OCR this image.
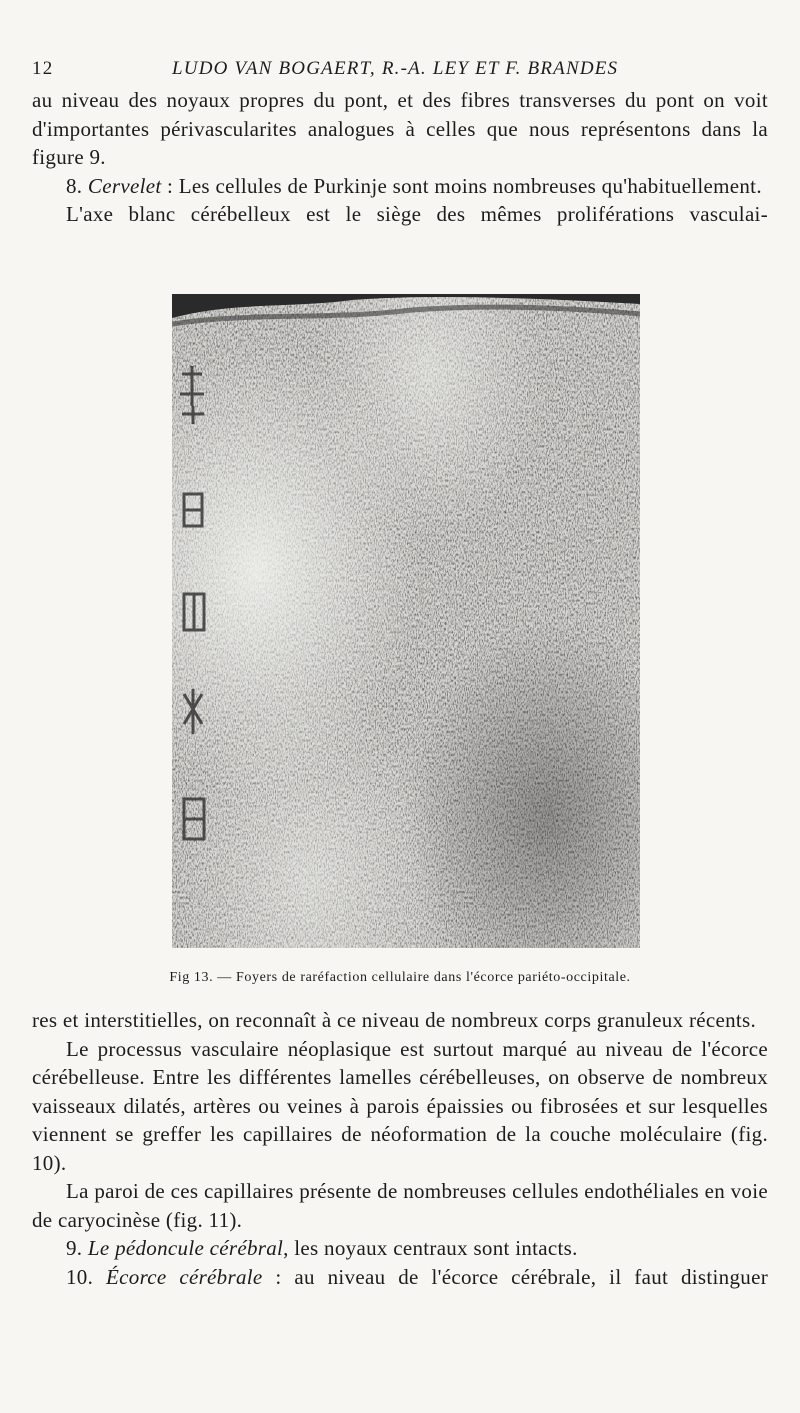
12	LUDO VAN BOGAERT, R.-A. LEY ET F. BRANDES

au niveau des noyaux propres du pont, et des fibres transverses du pont on voit d'importantes périvascularites analogues à celles que nous représentons dans la figure 9.

8. Cervelet : Les cellules de Purkinje sont moins nombreuses qu'habituellement.

L'axe blanc cérébelleux est le siège des mêmes proliférations vasculai-

Fig 13. — Foyers de raréfaction cellulaire dans l'écorce pariéto-occipitale.

res et interstitielles, on reconnaît à ce niveau de nombreux corps granuleux récents.

Le processus vasculaire néoplasique est surtout marqué au niveau de l'écorce cérébelleuse. Entre les différentes lamelles cérébelleuses, on observe de nombreux vaisseaux dilatés, artères ou veines à parois épaissies ou fibrosées et sur lesquelles viennent se greffer les capillaires de néoformation de la couche moléculaire (fig. 10).

La paroi de ces capillaires présente de nombreuses cellules endothéliales en voie de caryocinèse (fig. 11).

9. Le pédoncule cérébral, les noyaux centraux sont intacts.

10. Écorce cérébrale : au niveau de l'écorce cérébrale, il faut distinguer
